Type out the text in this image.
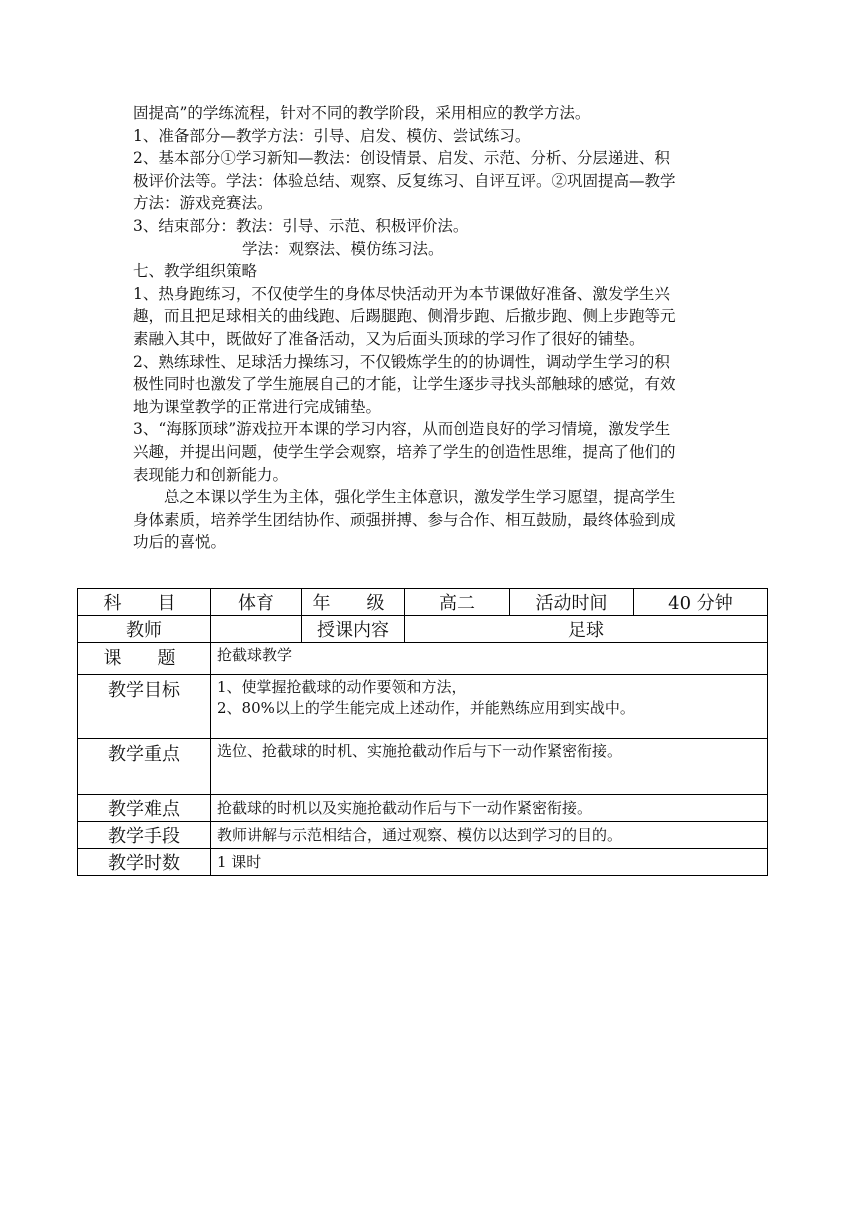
固提高”的学练流程，针对不同的教学阶段，采用相应的教学方法。

1、准备部分—教学方法：引导、启发、模仿、尝试练习。

2、基本部分①学习新知—教法：创设情景、启发、示范、分析、分层递进、积

极评价法等。学法：体验总结、观察、反复练习、自评互评。②巩固提高—教学

方法：游戏竞赛法。

3、结束部分：教法：引导、示范、积极评价法。

学法：观察法、模仿练习法。

七、教学组织策略

1、热身跑练习，不仅使学生的身体尽快活动开为本节课做好准备、激发学生兴

趣，而且把足球相关的曲线跑、后踢腿跑、侧滑步跑、后撤步跑、侧上步跑等元

素融入其中，既做好了准备活动，又为后面头顶球的学习作了很好的铺垫。

2、熟练球性、足球活力操练习，不仅锻炼学生的的协调性，调动学生学习的积

极性同时也激发了学生施展自己的才能，让学生逐步寻找头部触球的感觉，有效

地为课堂教学的正常进行完成铺垫。

3、“海豚顶球”游戏拉开本课的学习内容，从而创造良好的学习情境，激发学生

兴趣，并提出问题，使学生学会观察，培养了学生的创造性思维，提高了他们的

表现能力和创新能力。

总之本课以学生为主体，强化学生主体意识，激发学生学习愿望，提高学生

身体素质，培养学生团结协作、顽强拼搏、参与合作、相互鼓励，最终体验到成

功后的喜悦。

科　目	体育	年　级	高二	活动时间	40 分钟
教师		授课内容	足球		
课　题	抢截球教学				
教学目标	1、使掌握抢截球的动作要领和方法，
2、80%以上的学生能完成上述动作，并能熟练应用到实战中。				

教学重点	选位、抢截球的时机、实施抢截动作后与下一动作紧密衔接。				
教学难点	抢截球的时机以及实施抢截动作后与下一动作紧密衔接。				
教学手段	教师讲解与示范相结合，通过观察、模仿以达到学习的目的。				
教学时数	1 课时				
